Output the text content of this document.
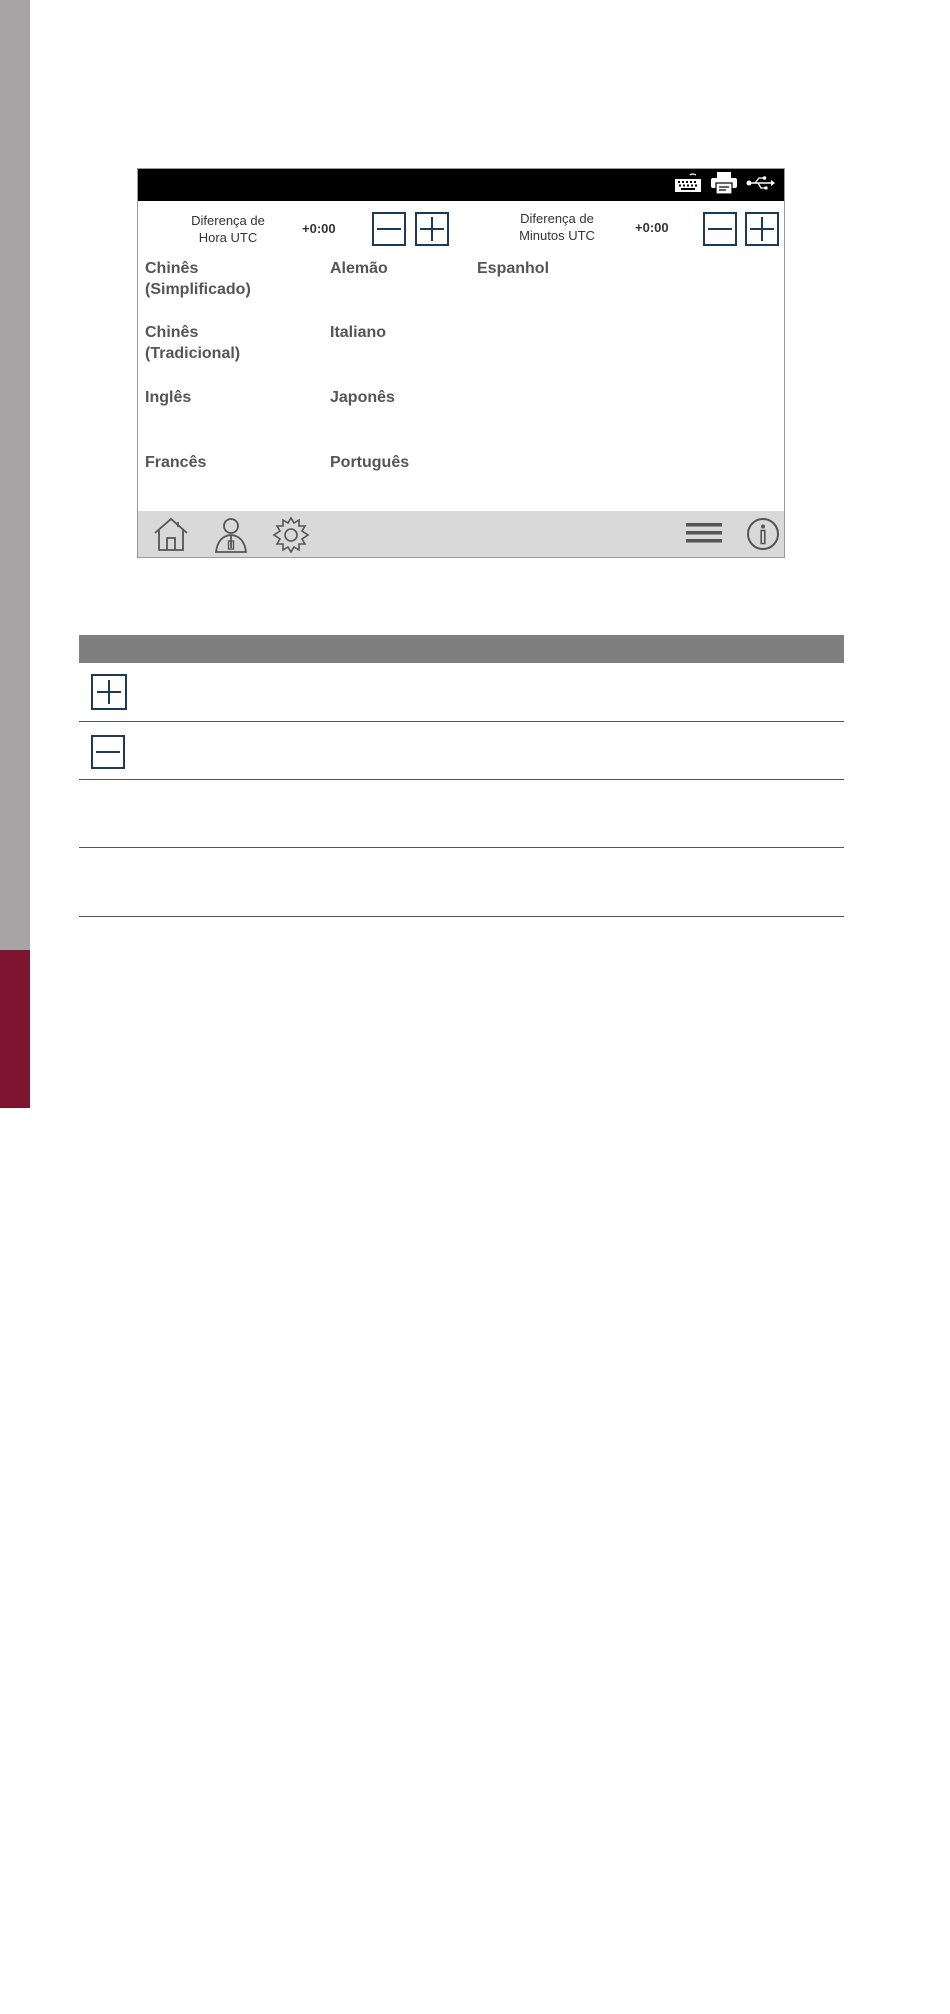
PORTUGUÊS
Diferença de
Hora UTC
+0:00
Diferença de
Minutos UTC
+0:00
Chinês
(Simplificado)
Alemão	Espanhol
Chinês
(Tradicional)
Italiano
Inglês	Japonês
Francês	Português
